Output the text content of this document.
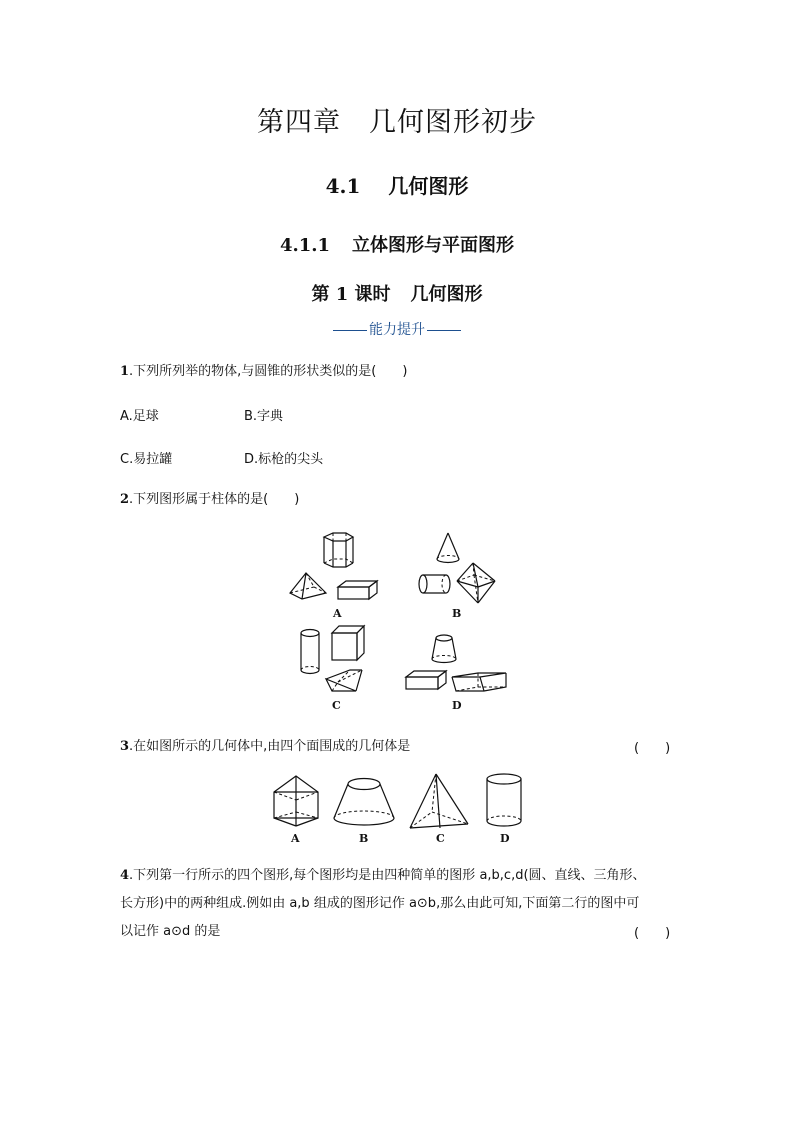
第四章 几何图形初步
4.1 几何图形
4.1.1 立体图形与平面图形
第 1 课时 几何图形
能力提升
1.下列所列举的物体,与圆锥的形状类似的是(　　)
A.足球	B.字典
C.易拉罐	D.标枪的尖头
2.下列图形属于柱体的是(　　)
A	B
C	D
3.在如图所示的几何体中,由四个面围成的几何体是	(　　)
A	B	C	D
4.下列第一行所示的四个图形,每个图形均是由四种简单的图形 a,b,c,d(圆、直线、三角形、
长方形)中的两种组成.例如由 a,b 组成的图形记作 a⊙b,那么由此可知,下面第二行的图中可
以记作 a⊙d 的是	(　　)
